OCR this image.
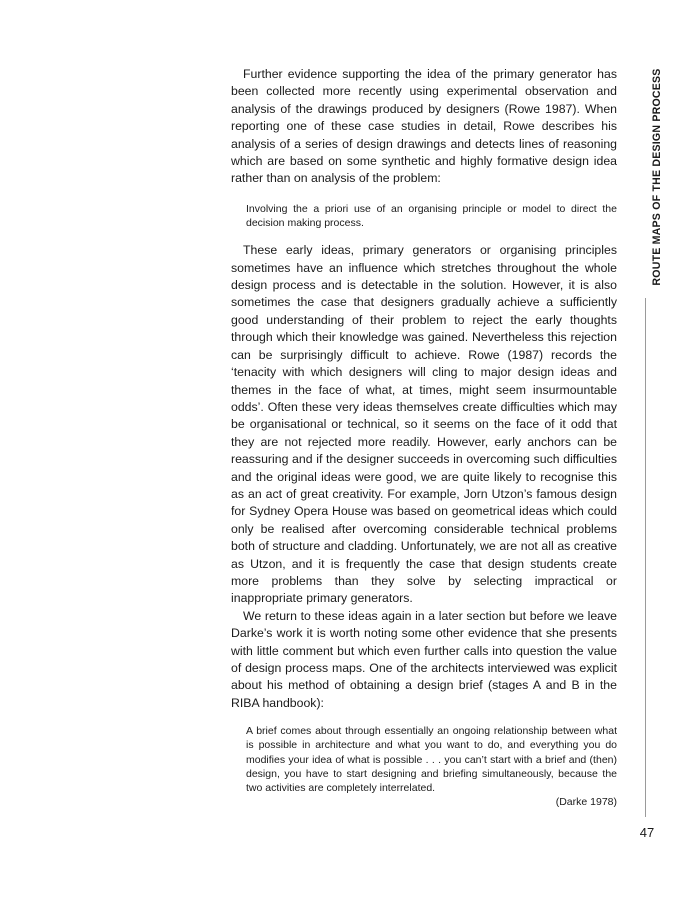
Further evidence supporting the idea of the primary generator has been collected more recently using experimental observation and analysis of the drawings produced by designers (Rowe 1987). When reporting one of these case studies in detail, Rowe describes his analysis of a series of design drawings and detects lines of reasoning which are based on some synthetic and highly formative design idea rather than on analysis of the problem:

Involving the a priori use of an organising principle or model to direct the decision making process.

These early ideas, primary generators or organising principles sometimes have an influence which stretches throughout the whole design process and is detectable in the solution. However, it is also sometimes the case that designers gradually achieve a sufficiently good understanding of their problem to reject the early thoughts through which their knowledge was gained. Nevertheless this rejection can be surprisingly difficult to achieve. Rowe (1987) records the ‘tenacity with which designers will cling to major design ideas and themes in the face of what, at times, might seem insurmountable odds’. Often these very ideas themselves create difficulties which may be organisational or technical, so it seems on the face of it odd that they are not rejected more readily. However, early anchors can be reassuring and if the designer succeeds in overcoming such difficulties and the original ideas were good, we are quite likely to recognise this as an act of great creativity. For example, Jorn Utzon’s famous design for Sydney Opera House was based on geometrical ideas which could only be realised after overcoming considerable technical problems both of structure and cladding. Unfortunately, we are not all as creative as Utzon, and it is frequently the case that design students create more problems than they solve by selecting impractical or inappropriate primary generators.

We return to these ideas again in a later section but before we leave Darke’s work it is worth noting some other evidence that she presents with little comment but which even further calls into question the value of design process maps. One of the architects interviewed was explicit about his method of obtaining a design brief (stages A and B in the RIBA handbook):

A brief comes about through essentially an ongoing relationship between what is possible in architecture and what you want to do, and everything you do modifies your idea of what is possible . . . you can’t start with a brief and (then) design, you have to start designing and briefing simultaneously, because the two activities are completely interrelated.

(Darke 1978)

ROUTE MAPS OF THE DESIGN PROCESS
47
